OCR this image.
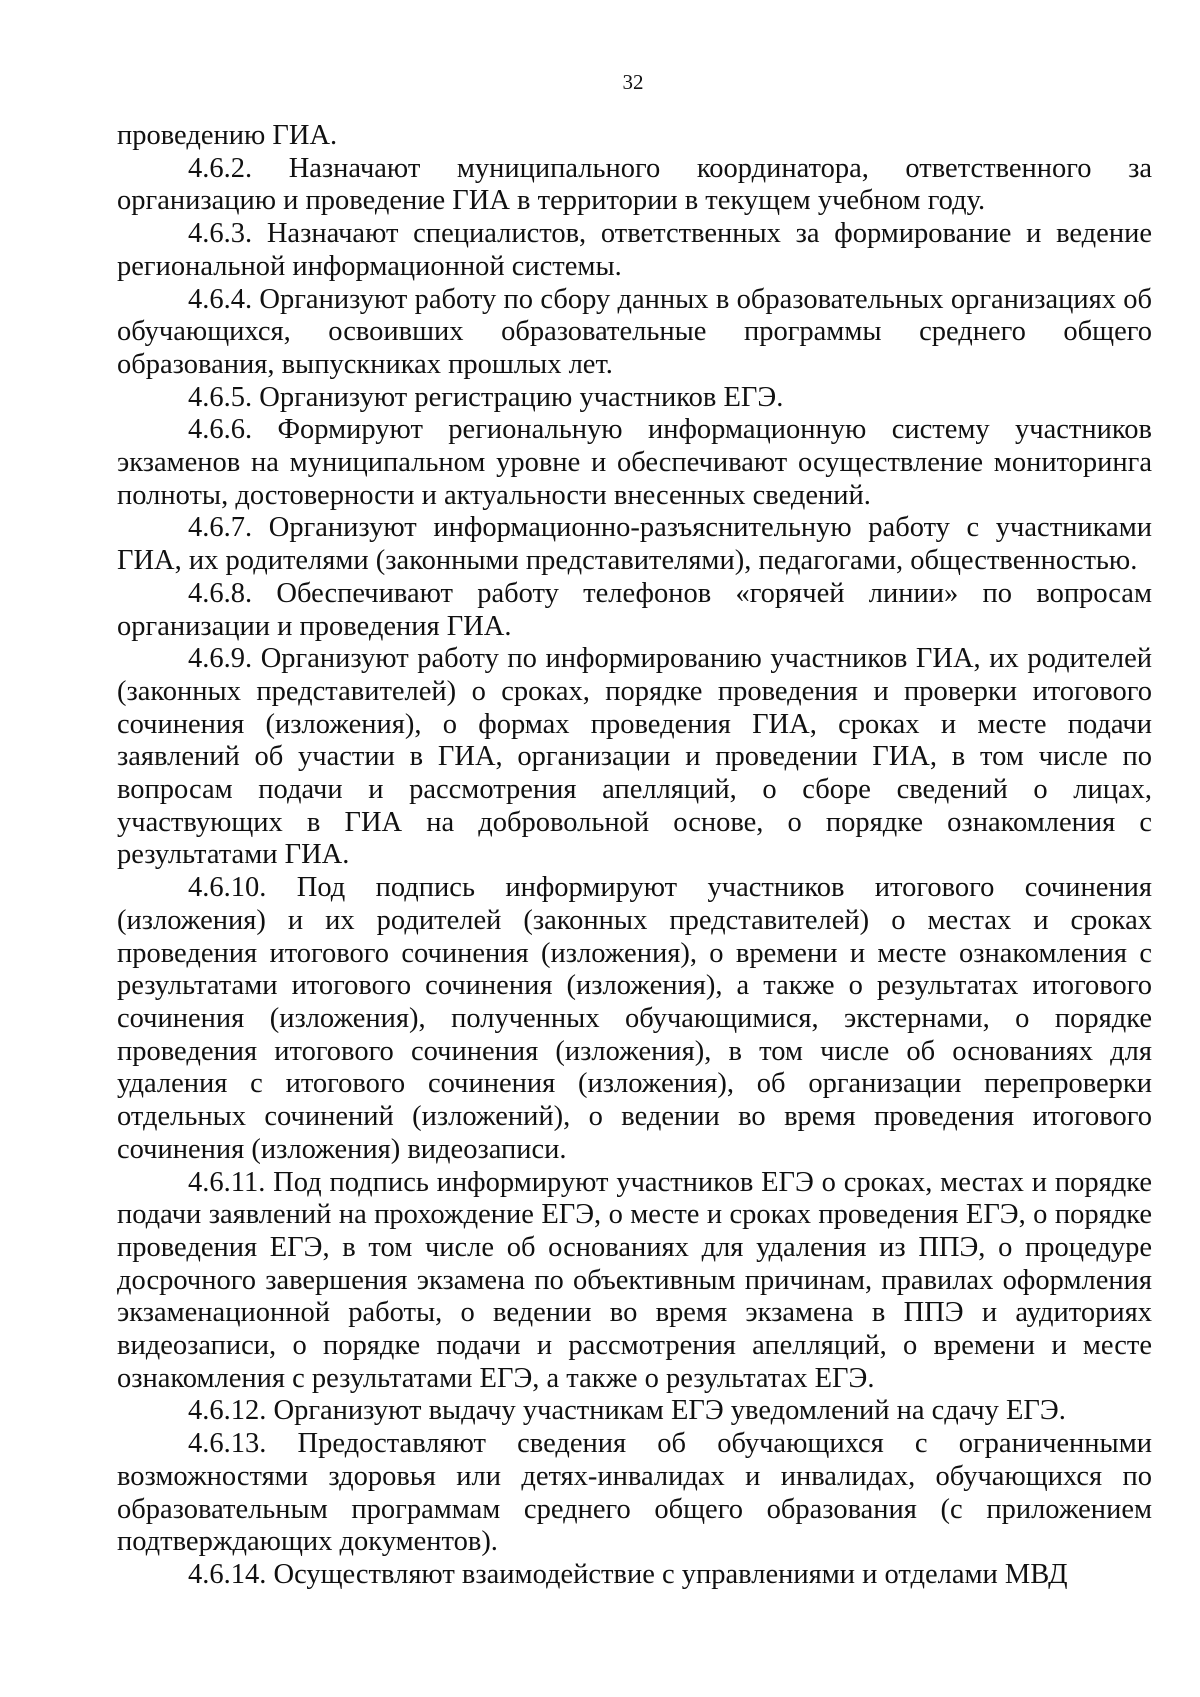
32

проведению ГИА.

4.6.2. Назначают муниципального координатора, ответственного за организацию и проведение ГИА в территории в текущем учебном году.

4.6.3. Назначают специалистов, ответственных за формирование и ведение региональной информационной системы.

4.6.4. Организуют работу по сбору данных в образовательных организациях об обучающихся, освоивших образовательные программы среднего общего образования, выпускниках прошлых лет.

4.6.5. Организуют регистрацию участников ЕГЭ.

4.6.6. Формируют региональную информационную систему участников экзаменов на муниципальном уровне и обеспечивают осуществление мониторинга полноты, достоверности и актуальности внесенных сведений.

4.6.7. Организуют информационно-разъяснительную работу с участниками ГИА, их родителями (законными представителями), педагогами, общественностью.

4.6.8. Обеспечивают работу телефонов «горячей линии» по вопросам организации и проведения ГИА.

4.6.9. Организуют работу по информированию участников ГИА, их родителей (законных представителей) о сроках, порядке проведения и проверки итогового сочинения (изложения), о формах проведения ГИА, сроках и месте подачи заявлений об участии в ГИА, организации и проведении ГИА, в том числе по вопросам подачи и рассмотрения апелляций, о сборе сведений о лицах, участвующих в ГИА на добровольной основе, о порядке ознакомления с результатами ГИА.

4.6.10. Под подпись информируют участников итогового сочинения (изложения) и их родителей (законных представителей) о местах и сроках проведения итогового сочинения (изложения), о времени и месте ознакомления с результатами итогового сочинения (изложения), а также о результатах итогового сочинения (изложения), полученных обучающимися, экстернами, о порядке проведения итогового сочинения (изложения), в том числе об основаниях для удаления с итогового сочинения (изложения), об организации перепроверки отдельных сочинений (изложений), о ведении во время проведения итогового сочинения (изложения) видеозаписи.

4.6.11. Под подпись информируют участников ЕГЭ о сроках, местах и порядке подачи заявлений на прохождение ЕГЭ, о месте и сроках проведения ЕГЭ, о порядке проведения ЕГЭ, в том числе об основаниях для удаления из ППЭ, о процедуре досрочного завершения экзамена по объективным причинам, правилах оформления экзаменационной работы, о ведении во время экзамена в ППЭ и аудиториях видеозаписи, о порядке подачи и рассмотрения апелляций, о времени и месте ознакомления с результатами ЕГЭ, а также о результатах ЕГЭ.

4.6.12. Организуют выдачу участникам ЕГЭ уведомлений на сдачу ЕГЭ.

4.6.13. Предоставляют сведения об обучающихся с ограниченными возможностями здоровья или детях-инвалидах и инвалидах, обучающихся по образовательным программам среднего общего образования (с приложением подтверждающих документов).

4.6.14. Осуществляют взаимодействие с управлениями и отделами МВД
